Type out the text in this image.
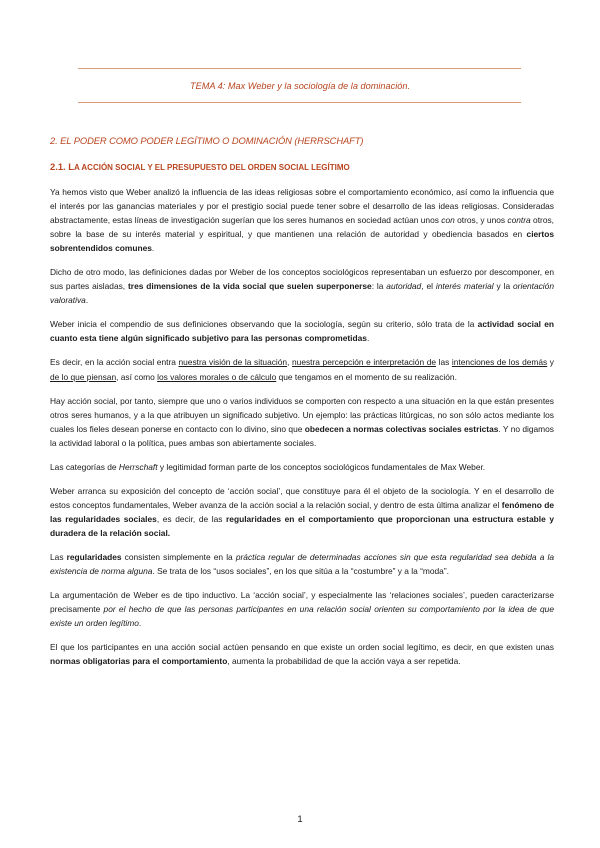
TEMA 4: Max Weber y la sociología de la dominación.
2. EL PODER COMO PODER LEGÍTIMO O DOMINACIÓN (HERRSCHAFT)
2.1. LA ACCIÓN SOCIAL Y EL PRESUPUESTO DEL ORDEN SOCIAL LEGÍTIMO

Ya hemos visto que Weber analizó la influencia de las ideas religiosas sobre el comportamiento económico, así como la influencia que el interés por las ganancias materiales y por el prestigio social puede tener sobre el desarrollo de las ideas religiosas. Consideradas abstractamente, estas líneas de investigación sugerían que los seres humanos en sociedad actúan unos con otros, y unos contra otros, sobre la base de su interés material y espiritual, y que mantienen una relación de autoridad y obediencia basados en ciertos sobrentendidos comunes.

Dicho de otro modo, las definiciones dadas por Weber de los conceptos sociológicos representaban un esfuerzo por descomponer, en sus partes aisladas, tres dimensiones de la vida social que suelen superponerse: la autoridad, el interés material y la orientación valorativa.

Weber inicia el compendio de sus definiciones observando que la sociología, según su criterio, sólo trata de la actividad social en cuanto esta tiene algún significado subjetivo para las personas comprometidas.

Es decir, en la acción social entra nuestra visión de la situación, nuestra percepción e interpretación de las intenciones de los demás y de lo que piensan, así como los valores morales o de cálculo que tengamos en el momento de su realización.

Hay acción social, por tanto, siempre que uno o varios individuos se comporten con respecto a una situación en la que están presentes otros seres humanos, y a la que atribuyen un significado subjetivo. Un ejemplo: las prácticas litúrgicas, no son sólo actos mediante los cuales los fieles desean ponerse en contacto con lo divino, sino que obedecen a normas colectivas sociales estrictas. Y no digamos la actividad laboral o la política, pues ambas son abiertamente sociales.

Las categorías de Herrschaft y legitimidad forman parte de los conceptos sociológicos fundamentales de Max Weber.

Weber arranca su exposición del concepto de ‘acción social’, que constituye para él el objeto de la sociología. Y en el desarrollo de estos conceptos fundamentales, Weber avanza de la acción social a la relación social, y dentro de esta última analizar el fenómeno de las regularidades sociales, es decir, de las regularidades en el comportamiento que proporcionan una estructura estable y duradera de la relación social.

Las regularidades consisten simplemente en la práctica regular de determinadas acciones sin que esta regularidad sea debida a la existencia de norma alguna. Se trata de los “usos sociales”, en los que sitúa a la “costumbre” y a la “moda”.

La argumentación de Weber es de tipo inductivo. La ‘acción social’, y especialmente las ‘relaciones sociales’, pueden caracterizarse precisamente por el hecho de que las personas participantes en una relación social orienten su comportamiento por la idea de que existe un orden legítimo.

El que los participantes en una acción social actúen pensando en que existe un orden social legítimo, es decir, en que existen unas normas obligatorias para el comportamiento, aumenta la probabilidad de que la acción vaya a ser repetida.

1
